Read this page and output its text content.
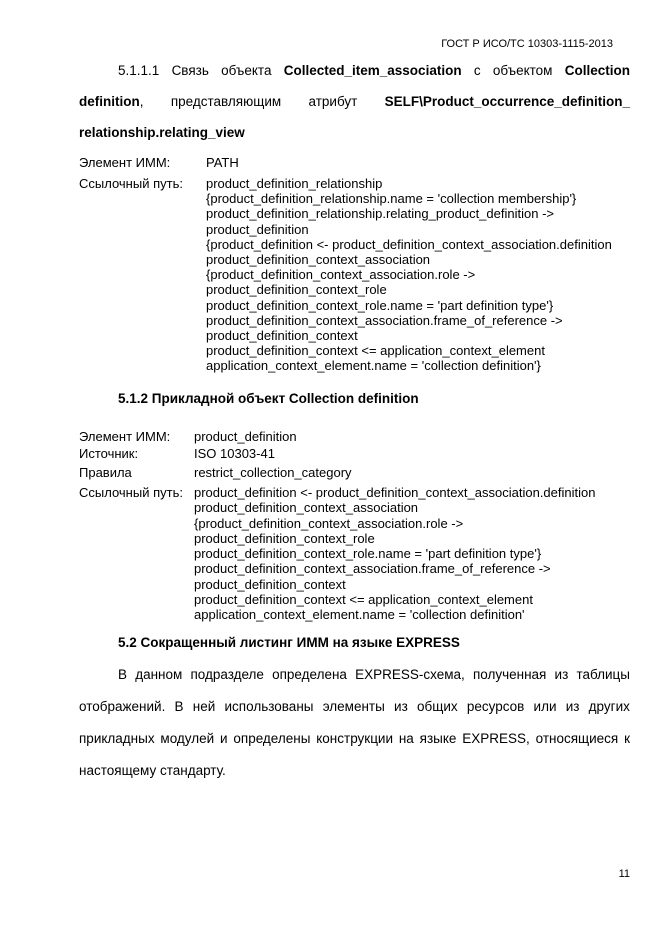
ГОСТ Р ИСО/ТС 10303-1115-2013
5.1.1.1 Связь объекта Collected_item_association с объектом Collection
definition, представляющим атрибут SELF\Product_occurrence_definition_
relationship.relating_view
Элемент ИММ:	PATH
Ссылочный путь: product_definition_relationship
{product_definition_relationship.name = 'collection membership'}
product_definition_relationship.relating_product_definition ->
product_definition
{product_definition <- product_definition_context_association.definition
product_definition_context_association
{product_definition_context_association.role ->
product_definition_context_role
product_definition_context_role.name = 'part definition type'}
product_definition_context_association.frame_of_reference ->
product_definition_context
product_definition_context <= application_context_element
application_context_element.name = 'collection definition'}
5.1.2 Прикладной объект Collection definition
Элемент ИММ: product_definition
Источник:	ISO 10303-41
Правила	restrict_collection_category
Ссылочный путь: product_definition <- product_definition_context_association.definition
product_definition_context_association
{product_definition_context_association.role ->
product_definition_context_role
product_definition_context_role.name = 'part definition type'}
product_definition_context_association.frame_of_reference ->
product_definition_context
product_definition_context <= application_context_element
application_context_element.name = 'collection definition'
5.2 Сокращенный листинг ИММ на языке EXPRESS
В данном подразделе определена EXPRESS-схема, полученная из таблицы
отображений. В ней использованы элементы из общих ресурсов или из других
прикладных модулей и определены конструкции на языке EXPRESS, относящиеся к
настоящему стандарту.
11
